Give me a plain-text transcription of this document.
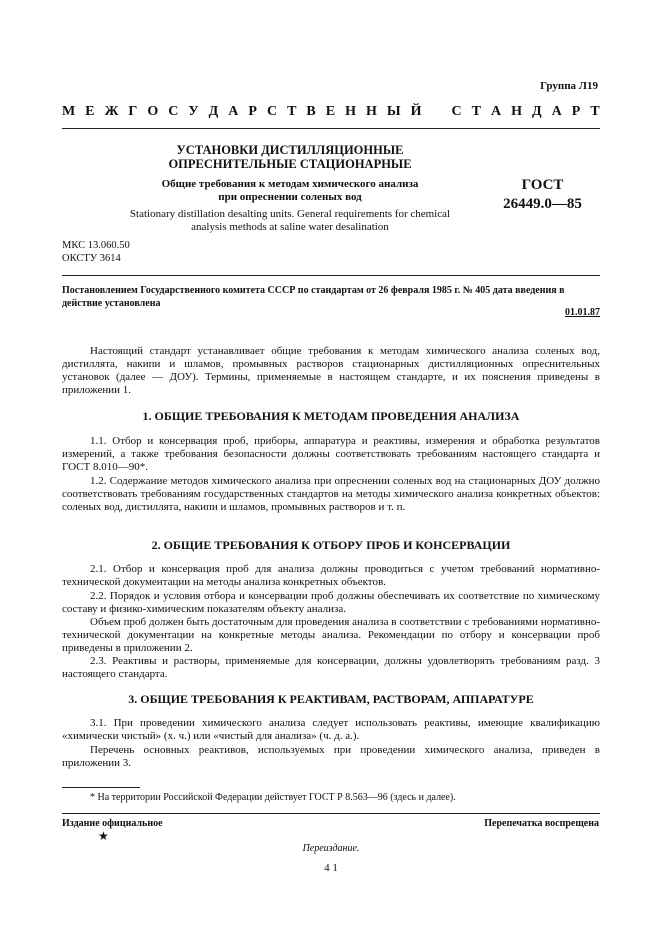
Группа Л19
М Е Ж Г О С У Д А Р С Т В Е Н Н Ы Й С Т А Н Д А Р Т
УСТАНОВКИ ДИСТИЛЛЯЦИОННЫЕ
ОПРЕСНИТЕЛЬНЫЕ СТАЦИОНАРНЫЕ
Общие требования к методам химического анализа
при опреснении соленых вод
Stationary distillation desalting units. General requirements for chemical
analysis methods at saline water desalination
ГОСТ
26449.0—85
МКС 13.060.50
ОКСТУ 3614
Постановлением Государственного комитета СССР по стандартам от 26 февраля 1985 г. № 405 дата введения в действие установлена
01.01.87

Настоящий стандарт устанавливает общие требования к методам химического анализа соленых вод, дистиллята, накипи и шламов, промывных растворов стационарных дистилляционных опреснительных установок (далее — ДОУ). Термины, применяемые в настоящем стандарте, и их пояснения приведены в приложении 1.

1. ОБЩИЕ ТРЕБОВАНИЯ К МЕТОДАМ ПРОВЕДЕНИЯ АНАЛИЗА

1.1. Отбор и консервация проб, приборы, аппаратура и реактивы, измерения и обработка результатов измерений, а также требования безопасности должны соответствовать требованиям настоящего стандарта и ГОСТ 8.010—90*.

1.2. Содержание методов химического анализа при опреснении соленых вод на стационарных ДОУ должно соответствовать требованиям государственных стандартов на методы химического анализа конкретных объектов: соленых вод, дистиллята, накипи и шламов, промывных растворов и т. п.

2. ОБЩИЕ ТРЕБОВАНИЯ К ОТБОРУ ПРОБ И КОНСЕРВАЦИИ

2.1. Отбор и консервация проб для анализа должны проводиться с учетом требований нормативно-технической документации на методы анализа конкретных объектов.

2.2. Порядок и условия отбора и консервации проб должны обеспечивать их соответствие по химическому составу и физико-химическим показателям объекту анализа.

Объем проб должен быть достаточным для проведения анализа в соответствии с требованиями нормативно-технической документации на конкретные методы анализа. Рекомендации по отбору и консервации проб приведены в приложении 2.

2.3. Реактивы и растворы, применяемые для консервации, должны удовлетворять требованиям разд. 3 настоящего стандарта.

3. ОБЩИЕ ТРЕБОВАНИЯ К РЕАКТИВАМ, РАСТВОРАМ, АППАРАТУРЕ

3.1. При проведении химического анализа следует использовать реактивы, имеющие квалификацию «химически чистый» (х. ч.) или «чистый для анализа» (ч. д. а.).

Перечень основных реактивов, используемых при проведении химического анализа, приведен в приложении 3.

* На территории Российской Федерации действует ГОСТ Р 8.563—96 (здесь и далее).
Издание официальное
★
Перепечатка воспрещена
Переиздание.
4 1
